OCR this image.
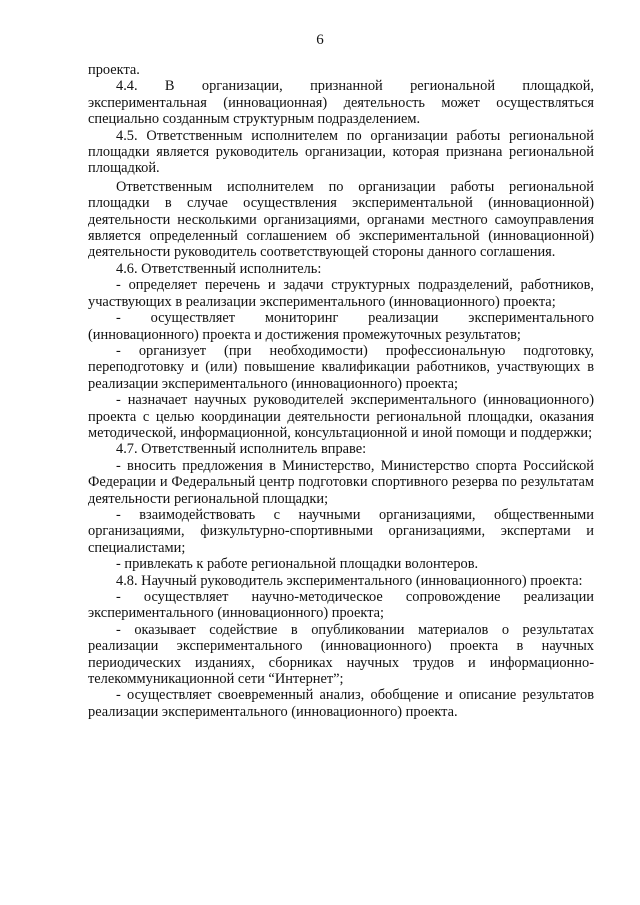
6

проекта.

4.4. В организации, признанной региональной площадкой, экспериментальная (инновационная) деятельность может осуществляться специально созданным структурным подразделением.

4.5. Ответственным исполнителем по организации работы региональной площадки является руководитель организации, которая признана региональной площадкой.

Ответственным исполнителем по организации работы региональной площадки в случае осуществления экспериментальной (инновационной) деятельности несколькими организациями, органами местного самоуправления является определенный соглашением об экспериментальной (инновационной) деятельности руководитель соответствующей стороны данного соглашения.

4.6. Ответственный исполнитель:

- определяет перечень и задачи структурных подразделений, работников, участвующих в реализации экспериментального (инновационного) проекта;

- осуществляет мониторинг реализации экспериментального (инновационного) проекта и достижения промежуточных результатов;

- организует (при необходимости) профессиональную подготовку, переподготовку и (или) повышение квалификации работников, участвующих в реализации экспериментального (инновационного) проекта;

- назначает научных руководителей экспериментального (инновационного) проекта с целью координации деятельности региональной площадки, оказания методической, информационной, консультационной и иной помощи и поддержки;

4.7. Ответственный исполнитель вправе:

- вносить предложения в Министерство, Министерство спорта Российской Федерации и Федеральный центр подготовки спортивного резерва по результатам деятельности региональной площадки;

- взаимодействовать с научными организациями, общественными организациями, физкультурно-спортивными организациями, экспертами и специалистами;

- привлекать к работе региональной площадки волонтеров.

4.8. Научный руководитель экспериментального (инновационного) проекта:

- осуществляет научно-методическое сопровождение реализации экспериментального (инновационного) проекта;

- оказывает содействие в опубликовании материалов о результатах реализации экспериментального (инновационного) проекта в научных периодических изданиях, сборниках научных трудов и информационно-телекоммуникационной сети “Интернет”;

- осуществляет своевременный анализ, обобщение и описание результатов реализации экспериментального (инновационного) проекта.
